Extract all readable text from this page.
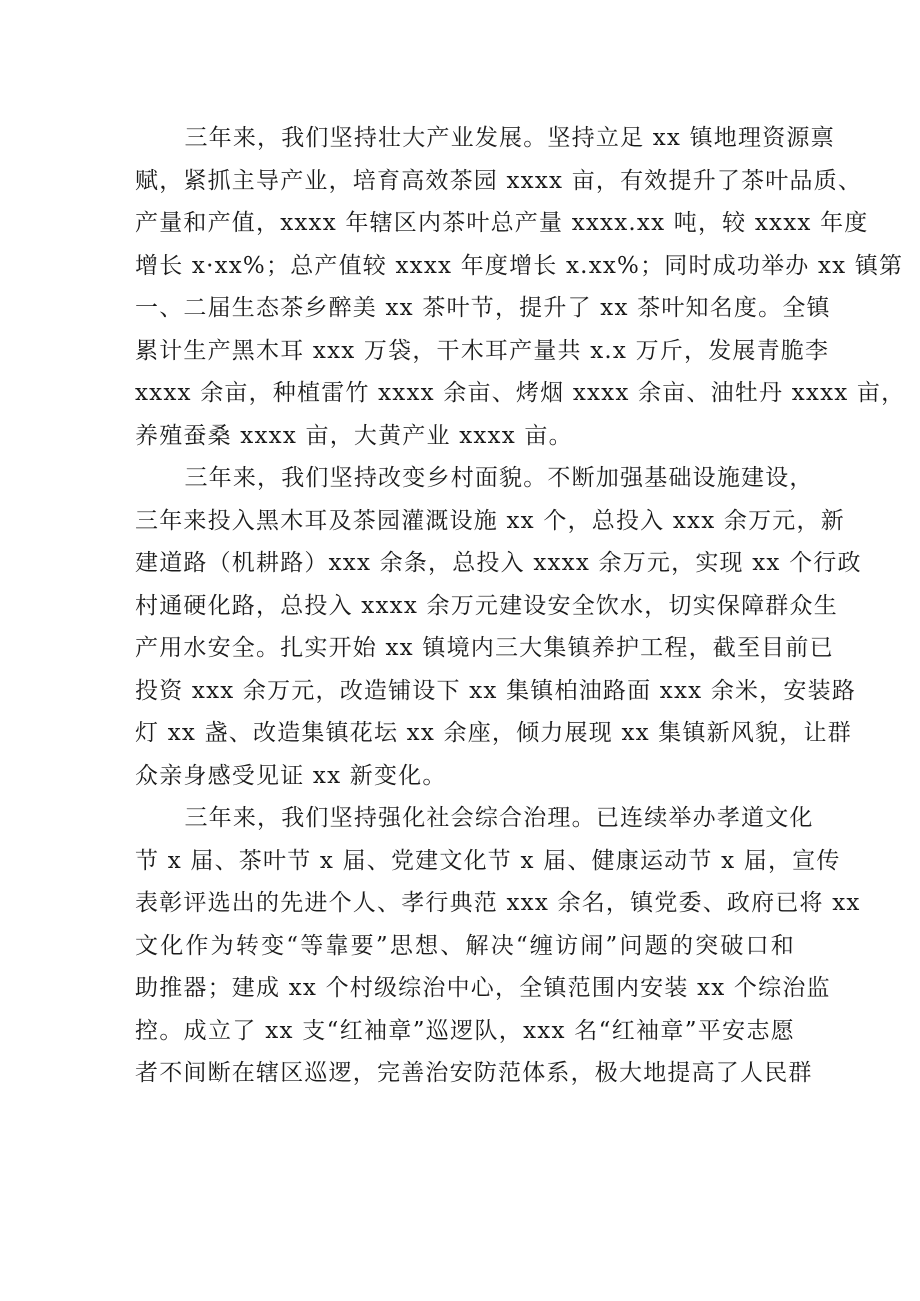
三年来，我们坚持壮大产业发展。坚持立足 xx 镇地理资源禀
赋，紧抓主导产业，培育高效茶园 xxxx 亩，有效提升了茶叶品质、
产量和产值，xxxx 年辖区内茶叶总产量 xxxx.xx 吨，较 xxxx 年度
增长 x·xx%；总产值较 xxxx 年度增长 x.xx%；同时成功举办 xx 镇第
一、二届生态茶乡醉美 xx 茶叶节，提升了 xx 茶叶知名度。全镇
累计生产黑木耳 xxx 万袋，干木耳产量共 x.x 万斤，发展青脆李
xxxx 余亩，种植雷竹 xxxx 余亩、烤烟 xxxx 余亩、油牡丹 xxxx 亩，
养殖蚕桑 xxxx 亩，大黄产业 xxxx 亩。

三年来，我们坚持改变乡村面貌。不断加强基础设施建设，
三年来投入黑木耳及茶园灌溉设施 xx 个，总投入 xxx 余万元，新
建道路（机耕路）xxx 余条，总投入 xxxx 余万元，实现 xx 个行政
村通硬化路，总投入 xxxx 余万元建设安全饮水，切实保障群众生
产用水安全。扎实开始 xx 镇境内三大集镇养护工程，截至目前已
投资 xxx 余万元，改造铺设下 xx 集镇柏油路面 xxx 余米，安装路
灯 xx 盏、改造集镇花坛 xx 余座，倾力展现 xx 集镇新风貌，让群
众亲身感受见证 xx 新变化。

三年来，我们坚持强化社会综合治理。已连续举办孝道文化
节 x 届、茶叶节 x 届、党建文化节 x 届、健康运动节 x 届，宣传
表彰评选出的先进个人、孝行典范 xxx 余名，镇党委、政府已将 xx
文化作为转变“等靠要”思想、解决“缠访闹”问题的突破口和
助推器；建成 xx 个村级综治中心，全镇范围内安装 xx 个综治监
控。成立了 xx 支“红袖章”巡逻队，xxx 名“红袖章”平安志愿
者不间断在辖区巡逻，完善治安防范体系，极大地提高了人民群
